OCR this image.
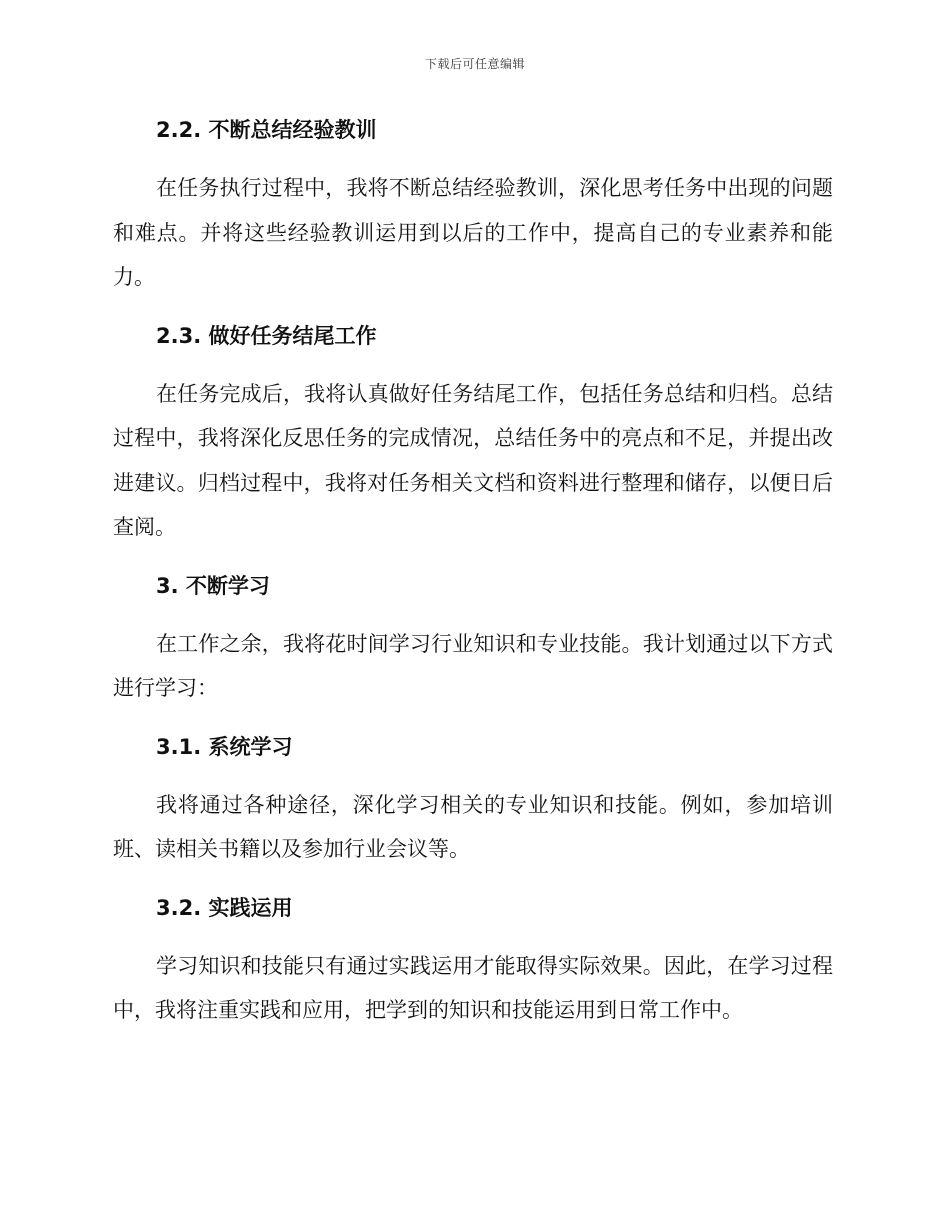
下载后可任意编辑
2.2. 不断总结经验教训

在任务执行过程中，我将不断总结经验教训，深化思考任务中出现的问题和难点。并将这些经验教训运用到以后的工作中，提高自己的专业素养和能力。

2.3. 做好任务结尾工作

在任务完成后，我将认真做好任务结尾工作，包括任务总结和归档。总结过程中，我将深化反思任务的完成情况，总结任务中的亮点和不足，并提出改进建议。归档过程中，我将对任务相关文档和资料进行整理和储存，以便日后查阅。

3. 不断学习

在工作之余，我将花时间学习行业知识和专业技能。我计划通过以下方式进行学习：

3.1. 系统学习

我将通过各种途径，深化学习相关的专业知识和技能。例如，参加培训班、读相关书籍以及参加行业会议等。

3.2. 实践运用

学习知识和技能只有通过实践运用才能取得实际效果。因此，在学习过程中，我将注重实践和应用，把学到的知识和技能运用到日常工作中。
